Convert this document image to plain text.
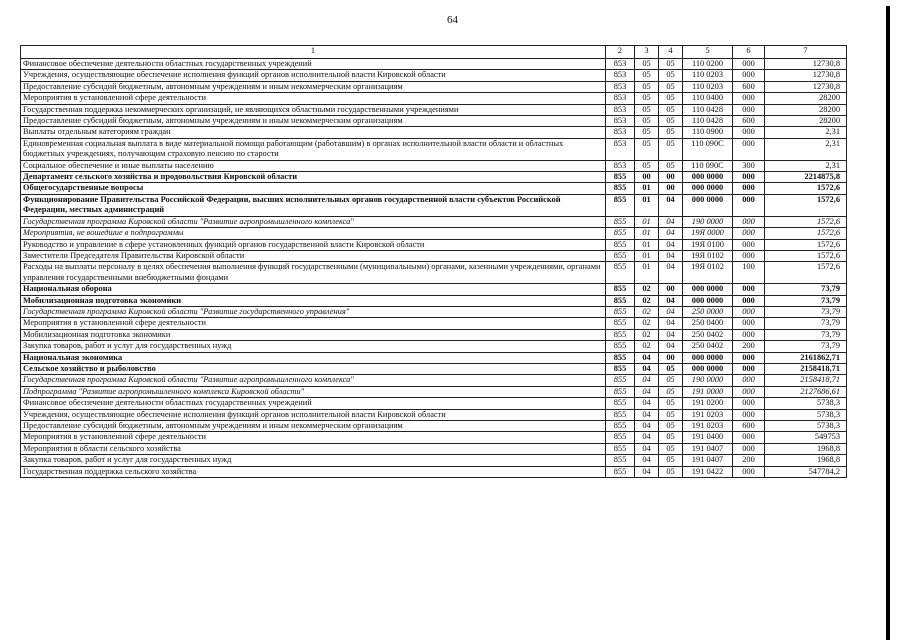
64
1	2	3	4	5	6	7
Финансовое обеспечение деятельности областных государственных учреждений	853	05	05	110 0200	000	12730,8
Учреждения, осуществляющие обеспечение исполнения функций органов исполнительной власти Кировской области	853	05	05	110 0203	000	12730,8
Предоставление субсидий бюджетным, автономным учреждениям и иным некоммерческим организациям	853	05	05	110 0203	600	12730,8
Мероприятия в установленной сфере деятельности	853	05	05	110 0400	000	28200
Государственная поддержка некоммерческих организаций, не являющихся областными государственными учреждениями	853	05	05	110 0428	000	28200
Предоставление субсидий бюджетным, автономным учреждениям и иным некоммерческим организациям	853	05	05	110 0428	600	28200
Выплаты отдельным категориям граждан	853	05	05	110 0900	000	2,31
Единовременная социальная выплата в виде материальной помощи работающим (работавшим) в органах исполнительной власти области и областных бюджетных учреждениях, получающим страховую пенсию по старости	853	05	05	110 090С	000	2,31
Социальное обеспечение и иные выплаты населению	853	05	05	110 090С	300	2,31
Департамент сельского хозяйства и продовольствия Кировской области	855	00	00	000 0000	000	2214875,8
Общегосударственные вопросы	855	01	00	000 0000	000	1572,6
Функционирование Правительства Российской Федерации, высших исполнительных органов государственной власти субъектов Российской Федерации, местных администраций	855	01	04	000 0000	000	1572,6
Государственная программа Кировской области "Развитие агропромышленного комплекса"	855	01	04	190 0000	000	1572,6
Мероприятия, не вошедшие в подпрограммы	855	01	04	19Я 0000	000	1572,6
Руководство и управление в сфере установленных функций органов государственной власти Кировской области	855	01	04	19Я 0100	000	1572,6
Заместители Председателя Правительства Кировской области	855	01	04	19Я 0102	000	1572,6
Расходы на выплаты персоналу в целях обеспечения выполнения функций государственными (муниципальными) органами, казенными учреждениями, органами управления государственными внебюджетными фондами	855	01	04	19Я 0102	100	1572,6
Национальная оборона	855	02	00	000 0000	000	73,79
Мобилизационная подготовка экономики	855	02	04	000 0000	000	73,79
Государственная программа Кировской области "Развитие государственного управления"	855	02	04	250 0000	000	73,79
Мероприятия в установленной сфере деятельности	855	02	04	250 0400	000	73,79
Мобилизационная подготовка экономики	855	02	04	250 0402	000	73,79
Закупка товаров, работ и услуг для государственных нужд	855	02	04	250 0402	200	73,79
Национальная экономика	855	04	00	000 0000	000	2161862,71
Сельское хозяйство и рыболовство	855	04	05	000 0000	000	2158418,71
Государственная программа Кировской области "Развитие агропромышленного комплекса"	855	04	05	190 0000	000	2158418,71
Подпрограмма "Развитие агропромышленного комплекса Кировской области"	855	04	05	191 0000	000	2127686,61
Финансовое обеспечение деятельности областных государственных учреждений	855	04	05	191 0200	000	5738,3
Учреждения, осуществляющие обеспечение исполнения функций органов исполнительной власти Кировской области	855	04	05	191 0203	000	5738,3
Предоставление субсидий бюджетным, автономным учреждениям и иным некоммерческим организациям	855	04	05	191 0203	600	5738,3
Мероприятия в установленной сфере деятельности	855	04	05	191 0400	000	549753
Мероприятия в области сельского хозяйства	855	04	05	191 0407	000	1968,8
Закупка товаров, работ и услуг для государственных нужд	855	04	05	191 0407	200	1968,8
Государственная поддержка сельского хозяйства	855	04	05	191 0422	000	547784,2
